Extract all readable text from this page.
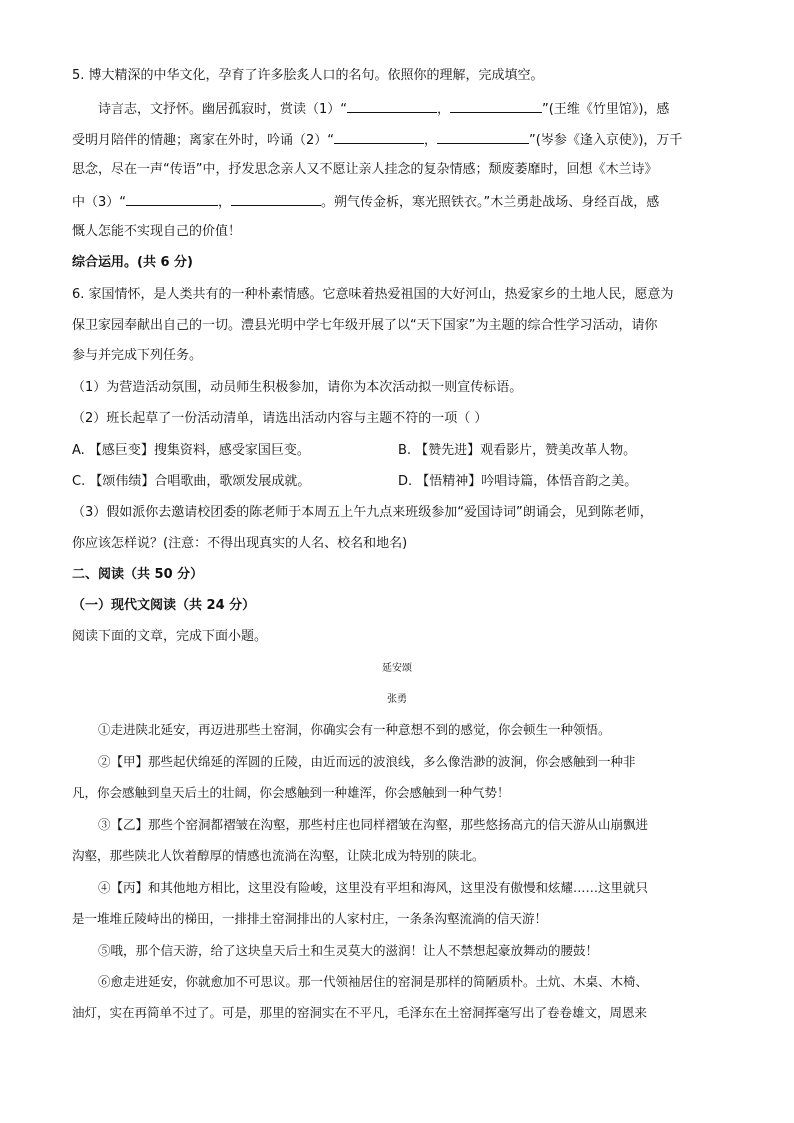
5. 博大精深的中华文化，孕育了许多脍炙人口的名句。依照你的理解，完成填空。
诗言志，文抒怀。幽居孤寂时，赏读（1）“	，	”(王维《竹里馆》)，感
受明月陪伴的情趣；离家在外时，吟诵（2）“	，	”(岑参《逢入京使》)，万千
思念，尽在一声“传语”中，抒发思念亲人又不愿让亲人挂念的复杂情感；颓废萎靡时，回想《木兰诗》
中（3）“	，	。朔气传金柝，寒光照铁衣。”木兰勇赴战场、身经百战，感
慨人怎能不实现自己的价值！
综合运用。(共 6 分)
6. 家国情怀，是人类共有的一种朴素情感。它意味着热爱祖国的大好河山，热爱家乡的土地人民，愿意为
保卫家园奉献出自己的一切。澧县光明中学七年级开展了以“天下国家”为主题的综合性学习活动，请你
参与并完成下列任务。
（1）为营造活动氛围，动员师生积极参加，请你为本次活动拟一则宣传标语。
（2）班长起草了一份活动清单，请选出活动内容与主题不符的一项（ ）
A. 【感巨变】搜集资料，感受家国巨变。	B. 【赞先进】观看影片，赞美改革人物。
C. 【颂伟绩】合唱歌曲，歌颂发展成就。	D. 【悟精神】吟唱诗篇，体悟音韵之美。
（3）假如派你去邀请校团委的陈老师于本周五上午九点来班级参加“爱国诗词”朗诵会，见到陈老师，
你应该怎样说？(注意：不得出现真实的人名、校名和地名)
二、阅读（共 50 分）
（一）现代文阅读（共 24 分）
阅读下面的文章，完成下面小题。
延安颂
张勇
①走进陕北延安，再迈进那些土窑洞，你确实会有一种意想不到的感觉，你会顿生一种领悟。
②【甲】那些起伏绵延的浑圆的丘陵，由近而远的波浪线，多么像浩渺的波涧，你会感触到一种非
凡，你会感触到皇天后土的壮阔，你会感触到一种雄浑，你会感触到一种气势！
③【乙】那些个窑洞都褶皱在沟壑，那些村庄也同样褶皱在沟壑，那些悠扬高亢的信天游从山崩飘进
沟壑，那些陕北人饮着醇厚的情感也流淌在沟壑，让陕北成为特别的陕北。
④【丙】和其他地方相比，这里没有险峻，这里没有平坦和海风，这里没有傲慢和炫耀……这里就只
是一堆堆丘陵峙出的梯田，一排排土窑洞排出的人家村庄，一条条沟壑流淌的信天游！
⑤哦，那个信天游，给了这块皇天后土和生灵莫大的滋润！让人不禁想起豪放舞动的腰鼓！
⑥愈走进延安，你就愈加不可思议。那一代领袖居住的窑洞是那样的简陋质朴。土炕、木桌、木椅、
油灯，实在再简单不过了。可是，那里的窑洞实在不平凡，毛泽东在土窑洞挥毫写出了卷卷雄文，周恩来
